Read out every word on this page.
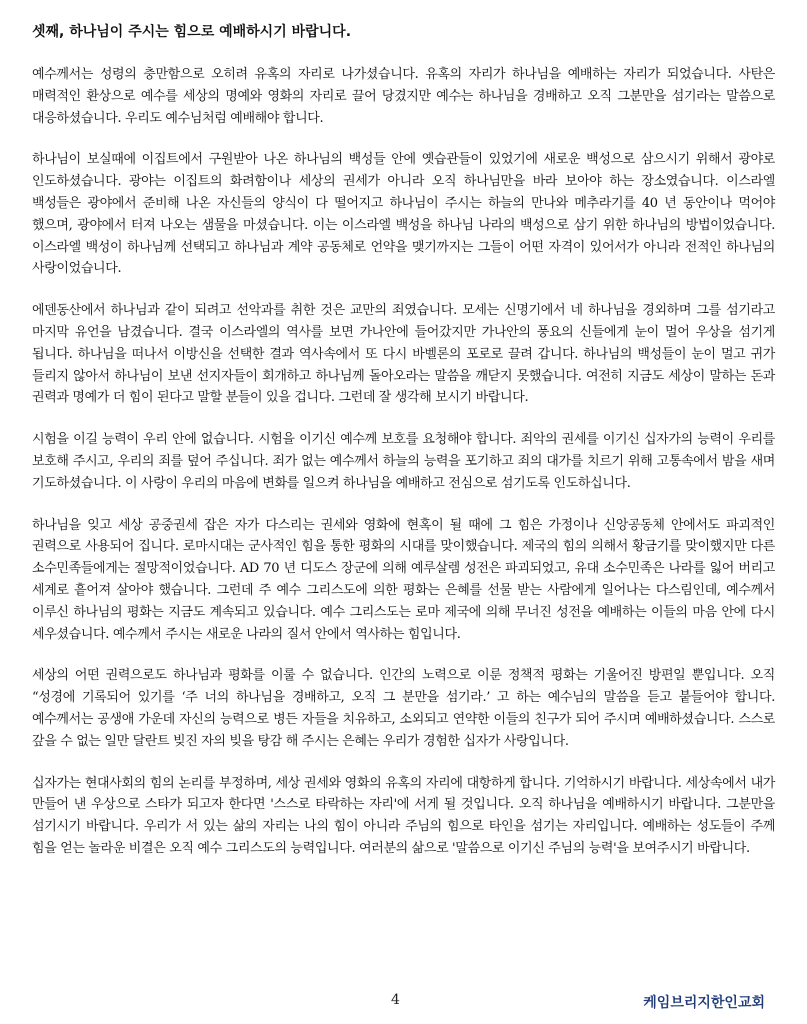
셋째, 하나님이 주시는 힘으로 예배하시기 바랍니다.

예수께서는 성령의 충만함으로 오히려 유혹의 자리로 나가셨습니다. 유혹의 자리가 하나님을 예배하는 자리가 되었습니다. 사탄은 매력적인 환상으로 예수를 세상의 명예와 영화의 자리로 끌어 당겼지만 예수는 하나님을 경배하고 오직 그분만을 섬기라는 말씀으로 대응하셨습니다. 우리도 예수님처럼 예배해야 합니다.

하나님이 보실때에 이집트에서 구원받아 나온 하나님의 백성들 안에 옛습관들이 있었기에 새로운 백성으로 삼으시기 위해서 광야로 인도하셨습니다. 광야는 이집트의 화려함이나 세상의 권세가 아니라 오직 하나님만을 바라 보아야 하는 장소였습니다. 이스라엘 백성들은 광야에서 준비해 나온 자신들의 양식이 다 떨어지고 하나님이 주시는 하늘의 만나와 메추라기를 40 년 동안이나 먹어야 했으며, 광야에서 터져 나오는 샘물을 마셨습니다. 이는 이스라엘 백성을 하나님 나라의 백성으로 삼기 위한 하나님의 방법이었습니다. 이스라엘 백성이 하나님께 선택되고 하나님과 계약 공동체로 언약을 맺기까지는 그들이 어떤 자격이 있어서가 아니라 전적인 하나님의 사랑이었습니다.

에덴동산에서 하나님과 같이 되려고 선악과를 취한 것은 교만의 죄였습니다. 모세는 신명기에서 네 하나님을 경외하며 그를 섬기라고 마지막 유언을 남겼습니다. 결국 이스라엘의 역사를 보면 가나안에 들어갔지만 가나안의 풍요의 신들에게 눈이 멀어 우상을 섬기게 됩니다. 하나님을 떠나서 이방신을 선택한 결과 역사속에서 또 다시 바벨론의 포로로 끌려 갑니다. 하나님의 백성들이 눈이 멀고 귀가 들리지 않아서 하나님이 보낸 선지자들이 회개하고 하나님께 돌아오라는 말씀을 깨닫지 못했습니다. 여전히 지금도 세상이 말하는 돈과 권력과 명예가 더 힘이 된다고 말할 분들이 있을 겁니다. 그런데 잘 생각해 보시기 바랍니다.

시험을 이길 능력이 우리 안에 없습니다. 시험을 이기신 예수께 보호를 요청해야 합니다. 죄악의 권세를 이기신 십자가의 능력이 우리를 보호해 주시고, 우리의 죄를 덮어 주십니다. 죄가 없는 예수께서 하늘의 능력을 포기하고 죄의 대가를 치르기 위해 고통속에서 밤을 새며 기도하셨습니다. 이 사랑이 우리의 마음에 변화를 일으켜 하나님을 예배하고 전심으로 섬기도록 인도하십니다.

하나님을 잊고 세상 공중권세 잡은 자가 다스리는 권세와 영화에 현혹이 될 때에 그 힘은 가정이나 신앙공동체 안에서도 파괴적인 권력으로 사용되어 집니다. 로마시대는 군사적인 힘을 통한 평화의 시대를 맞이했습니다. 제국의 힘의 의해서 황금기를 맞이했지만 다른 소수민족들에게는 절망적이었습니다. AD 70 년 디도스 장군에 의해 예루살렘 성전은 파괴되었고, 유대 소수민족은 나라를 잃어 버리고 세계로 흩어져 살아야 했습니다. 그런데 주 예수 그리스도에 의한 평화는 은혜를 선물 받는 사람에게 일어나는 다스림인데, 예수께서 이루신 하나님의 평화는 지금도 계속되고 있습니다. 예수 그리스도는 로마 제국에 의해 무너진 성전을 예배하는 이들의 마음 안에 다시 세우셨습니다. 예수께서 주시는 새로운 나라의 질서 안에서 역사하는 힘입니다.

세상의 어떤 권력으로도 하나님과 평화를 이룰 수 없습니다. 인간의 노력으로 이룬 정책적 평화는 기울어진 방편일 뿐입니다. 오직 “성경에 기록되어 있기를 ‘주 너의 하나님을 경배하고, 오직 그 분만을 섬기라.’ 고 하는 예수님의 말씀을 듣고 붙들어야 합니다. 예수께서는 공생애 가운데 자신의 능력으로 병든 자들을 치유하고, 소외되고 연약한 이들의 친구가 되어 주시며 예배하셨습니다. 스스로 갚을 수 없는 일만 달란트 빚진 자의 빚을 탕감 해 주시는 은혜는 우리가 경험한 십자가 사랑입니다.

십자가는 현대사회의 힘의 논리를 부정하며, 세상 권세와 영화의 유혹의 자리에 대항하게 합니다. 기억하시기 바랍니다. 세상속에서 내가 만들어 낸 우상으로 스타가 되고자 한다면 '스스로 타락하는 자리'에 서게 될 것입니다. 오직 하나님을 예배하시기 바랍니다. 그분만을 섬기시기 바랍니다. 우리가 서 있는 삶의 자리는 나의 힘이 아니라 주님의 힘으로 타인을 섬기는 자리입니다. 예배하는 성도들이 주께 힘을 얻는 놀라운 비결은 오직 예수 그리스도의 능력입니다. 여러분의 삶으로 '말씀으로 이기신 주님의 능력'을 보여주시기 바랍니다.

4	케임브리지한인교회
